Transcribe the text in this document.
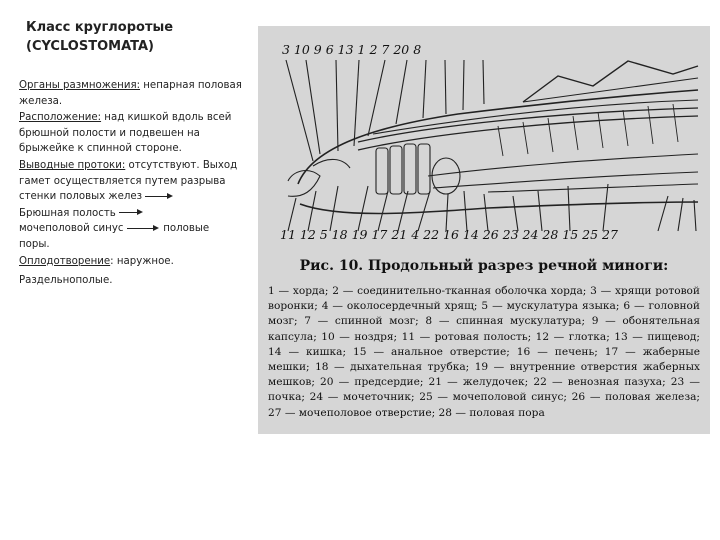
Класс круглоротые
(CYCLOSTOMATA)

Органы размножения: непарная половая железа.

Расположение: над кишкой вдоль всей брюшной полости и подвешен на брыжейке к спинной стороне.

Выводные протоки: отсутствуют. Выход гамет осуществляется путем разрыва стенки половых желез

Брюшная полость
мочеполовой синус	половые
поры.

Оплодотворение: наружное.

Раздельнополые.

3 10 9 6 13 1 2 7 20 8
11 12 5 18 19 17 21 4 22 16 14 26 23 24 28 15 25 27
Рис. 10. Продольный разрез речной миноги:
1 — хорда; 2 — соединительно-тканная оболочка хорда; 3 — хрящи ротовой воронки; 4 — околосердечный хрящ; 5 — мускулатура языка; 6 — головной мозг; 7 — спинной мозг; 8 — спинная мускулатура; 9 — обонятельная капсула; 10 — ноздря; 11 — ротовая полость; 12 — глотка; 13 — пищевод; 14 — кишка; 15 — анальное отверстие; 16 — печень; 17 — жаберные мешки; 18 — дыхательная трубка; 19 — внутренние отверстия жаберных мешков; 20 — предсердие; 21 — желудочек; 22 — венозная пазуха; 23 — почка; 24 — мочеточник; 25 — мочеполовой синус; 26 — половая железа; 27 — мочеполовое отверстие; 28 — половая пора
